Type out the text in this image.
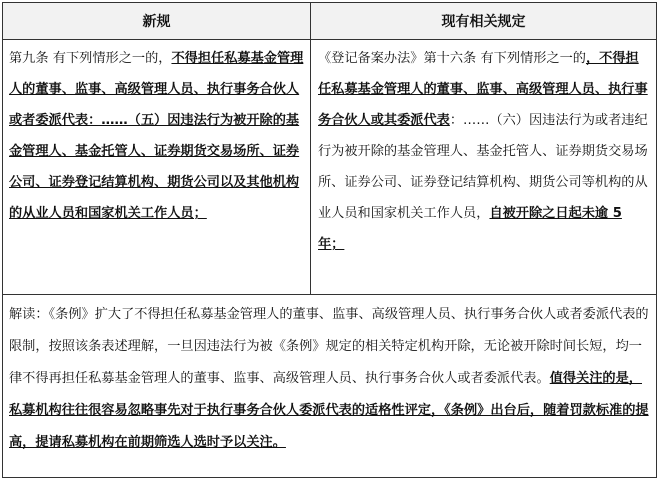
新规	现有相关规定
第九条 有下列情形之一的，不得担任私募基金管理人的董事、监事、高级管理人员、执行事务合伙人或者委派代表：……（五）因违法行为被开除的基金管理人、基金托管人、证券期货交易场所、证券公司、证券登记结算机构、期货公司以及其他机构的从业人员和国家机关工作人员；
《登记备案办法》第十六条 有下列情形之一的，不得担任私募基金管理人的董事、监事、高级管理人员、执行事务合伙人或其委派代表：……（六）因违法行为或者违纪行为被开除的基金管理人、基金托管人、证券期货交易场所、证券公司、证券登记结算机构、期货公司等机构的从业人员和国家机关工作人员，自被开除之日起未逾 5 年；
解读：《条例》扩大了不得担任私募基金管理人的董事、监事、高级管理人员、执行事务合伙人或者委派代表的限制，按照该条表述理解，一旦因违法行为被《条例》规定的相关特定机构开除，无论被开除时间长短，均一律不得再担任私募基金管理人的董事、监事、高级管理人员、执行事务合伙人或者委派代表。值得关注的是，私募机构往往很容易忽略事先对于执行事务合伙人委派代表的适格性评定，《条例》出台后，随着罚款标准的提高，提请私募机构在前期筛选人选时予以关注。
